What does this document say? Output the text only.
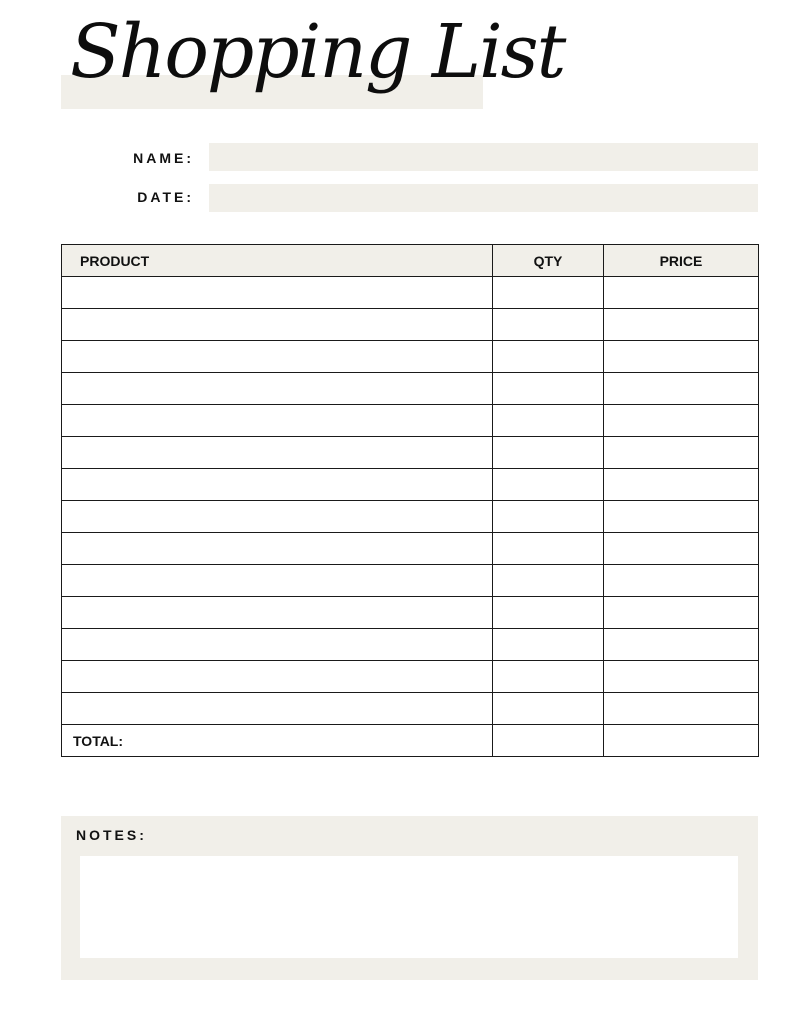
Shopping List
NAME:
DATE:
PRODUCT	QTY	PRICE

TOTAL:		
NOTES:
